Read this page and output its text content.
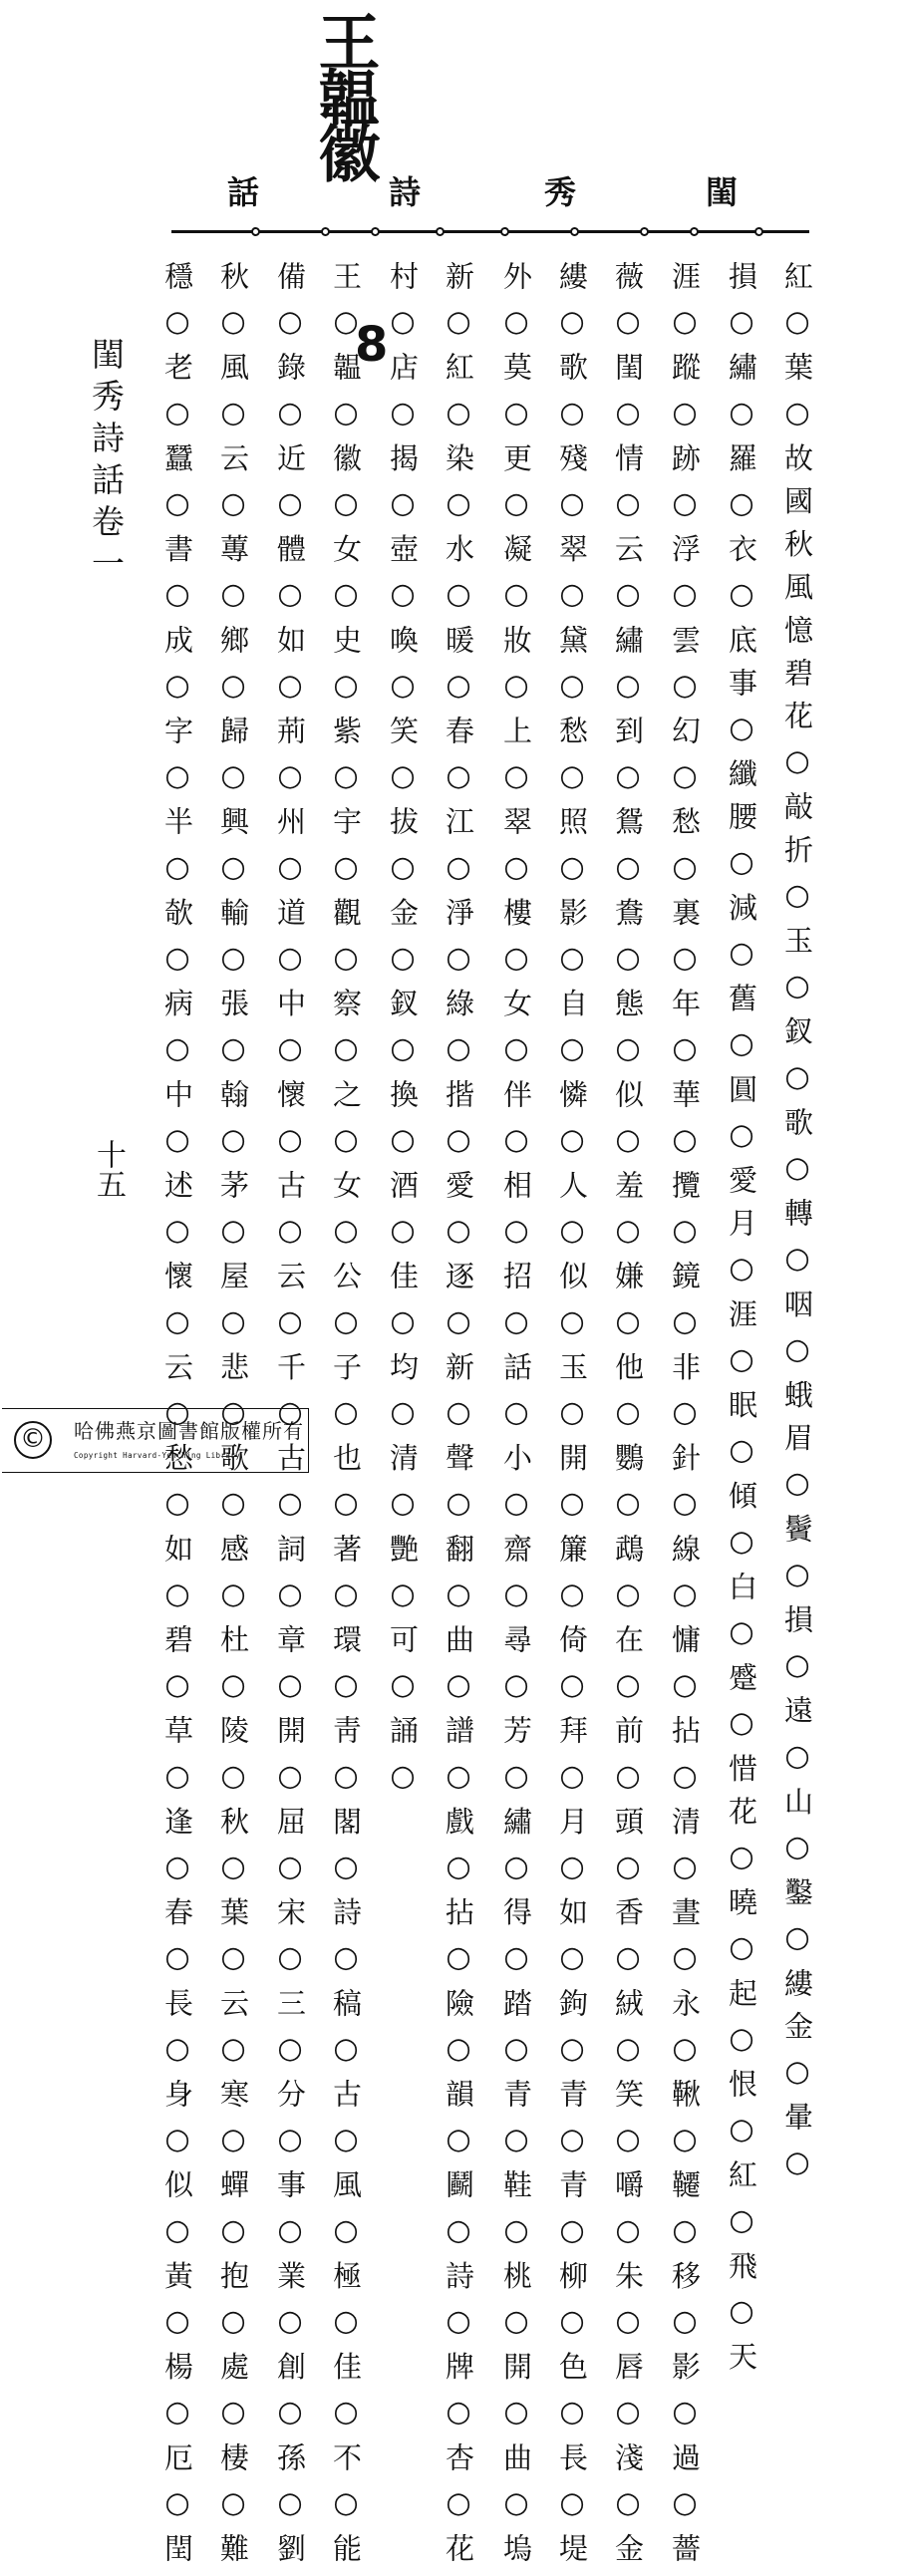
王韞徽
閨
秀
詩
話
紅○葉○故國秋風憶碧花○敲折○玉○釵○歌○轉○咽○蛾眉○鬢○損○遠○山○鑿○縷金○暈○
損○繡○羅○衣○底事○纖腰○減○舊○圓○愛月○涯○眠○傾○白○蹙○惜花○曉○起○恨○紅○飛○天
涯○蹤○跡○浮○雲○幻○愁○裏○年○華○攬○鏡○非○針○線○慵○拈○清○晝○永○鞦○韆○移○影○過○薔
薇○閨○情○云○繡○到○鴛○鴦○態○似○羞○嫌○他○鸚○鵡○在○前○頭○香○絨○笑○嚼○朱○唇○淺○金
縷○歌○殘○翠○黛○愁○照○影○自○憐○人○似○玉○開○簾○倚○拜○月○如○鉤○青○青○柳○色○長○堤
外○莫○更○凝○妝○上○翠○樓○女○伴○相○招○話○小○齋○尋○芳○繡○得○踏○青○鞋○桃○開○曲○塢
新○紅○染○水○暖○春○江○淨○綠○揩○愛○逐○新○聲○翻○曲○譜○戲○拈○險○韻○鬬○詩○牌○杏○花
村○店○揭○壺○喚○笑○拔○金○釵○換○酒○佳○均○清○艷○可○誦○
王○韞○徽○女○史○紫○宇○觀○察○之○女○公○子○也○著○環○靑○閣○詩○稿○古○風○極○佳○不○能
備○錄○近○體○如○荊○州○道○中○懷○古○云○千○古○詞○章○開○屈○宋○三○分○事○業○創○孫○劉
秋○風○云○蓴○鄉○歸○興○輸○張○翰○茅○屋○悲○歌○感○杜○陵○秋○葉○云○寒○蟬○抱○處○棲○難
穩○老○蠶○書○成○字○半○欹○病○中○述○懷○云○愁○如○碧○草○逢○春○長○身○似○黃○楊○厄○閏	8
閨秀詩話卷一
十五
©	哈佛燕京圖書館版權所有
Copyright Harvard-Yenching Library
